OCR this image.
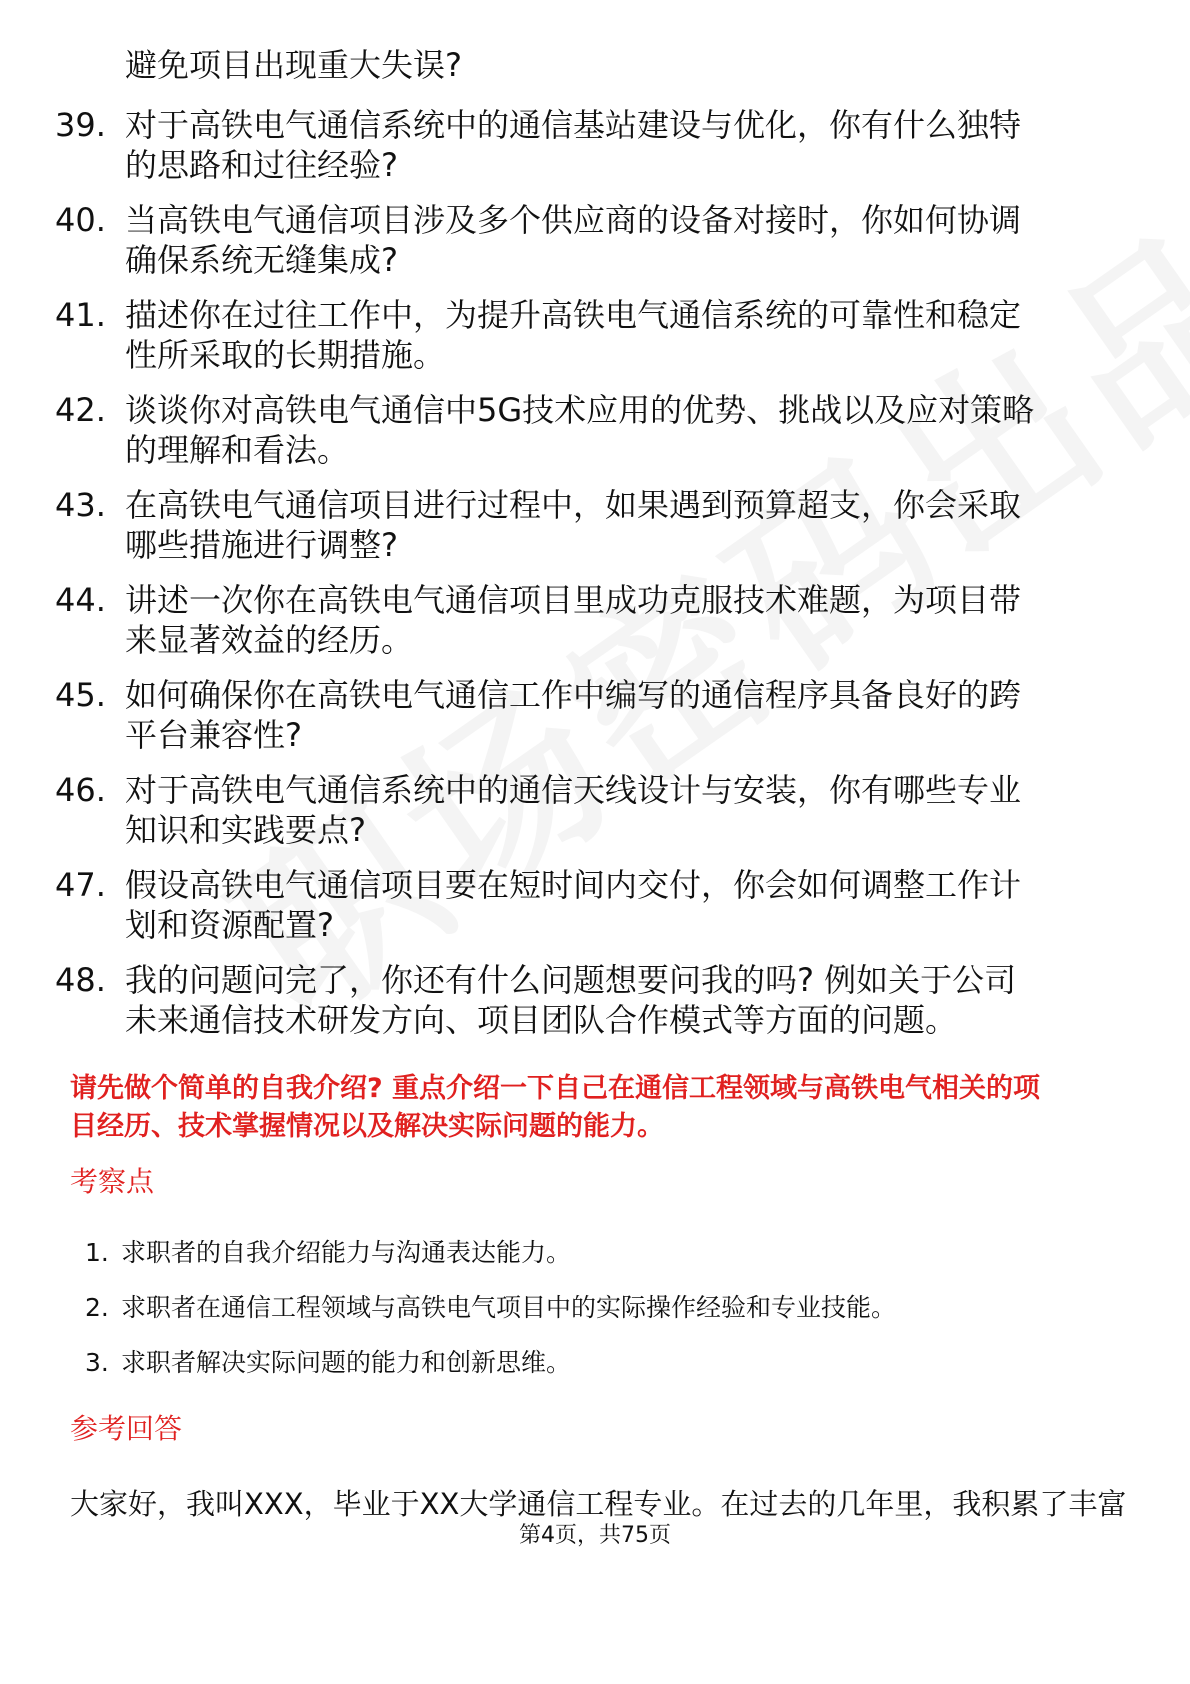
避免项目出现重大失误?
39. 对于高铁电气通信系统中的通信基站建设与优化，你有什么独特
的思路和过往经验?
40. 当高铁电气通信项目涉及多个供应商的设备对接时，你如何协调
确保系统无缝集成?
41. 描述你在过往工作中，为提升高铁电气通信系统的可靠性和稳定
性所采取的长期措施。
42. 谈谈你对高铁电气通信中5G技术应用的优势、挑战以及应对策略
的理解和看法。
43. 在高铁电气通信项目进行过程中，如果遇到预算超支，你会采取
哪些措施进行调整?
44. 讲述一次你在高铁电气通信项目里成功克服技术难题，为项目带
来显著效益的经历。
45. 如何确保你在高铁电气通信工作中编写的通信程序具备良好的跨
平台兼容性?
46. 对于高铁电气通信系统中的通信天线设计与安装，你有哪些专业
知识和实践要点?
47. 假设高铁电气通信项目要在短时间内交付，你会如何调整工作计
划和资源配置?
48. 我的问题问完了，你还有什么问题想要问我的吗? 例如关于公司
未来通信技术研发方向、项目团队合作模式等方面的问题。
请先做个简单的自我介绍? 重点介绍一下自己在通信工程领域与高铁电气相关的项
目经历、技术掌握情况以及解决实际问题的能力。
考察点
1. 求职者的自我介绍能力与沟通表达能力。
2. 求职者在通信工程领域与高铁电气项目中的实际操作经验和专业技能。
3. 求职者解决实际问题的能力和创新思维。
参考回答
大家好，我叫XXX，毕业于XX大学通信工程专业。在过去的几年里，我积累了丰富
第4页，共75页
